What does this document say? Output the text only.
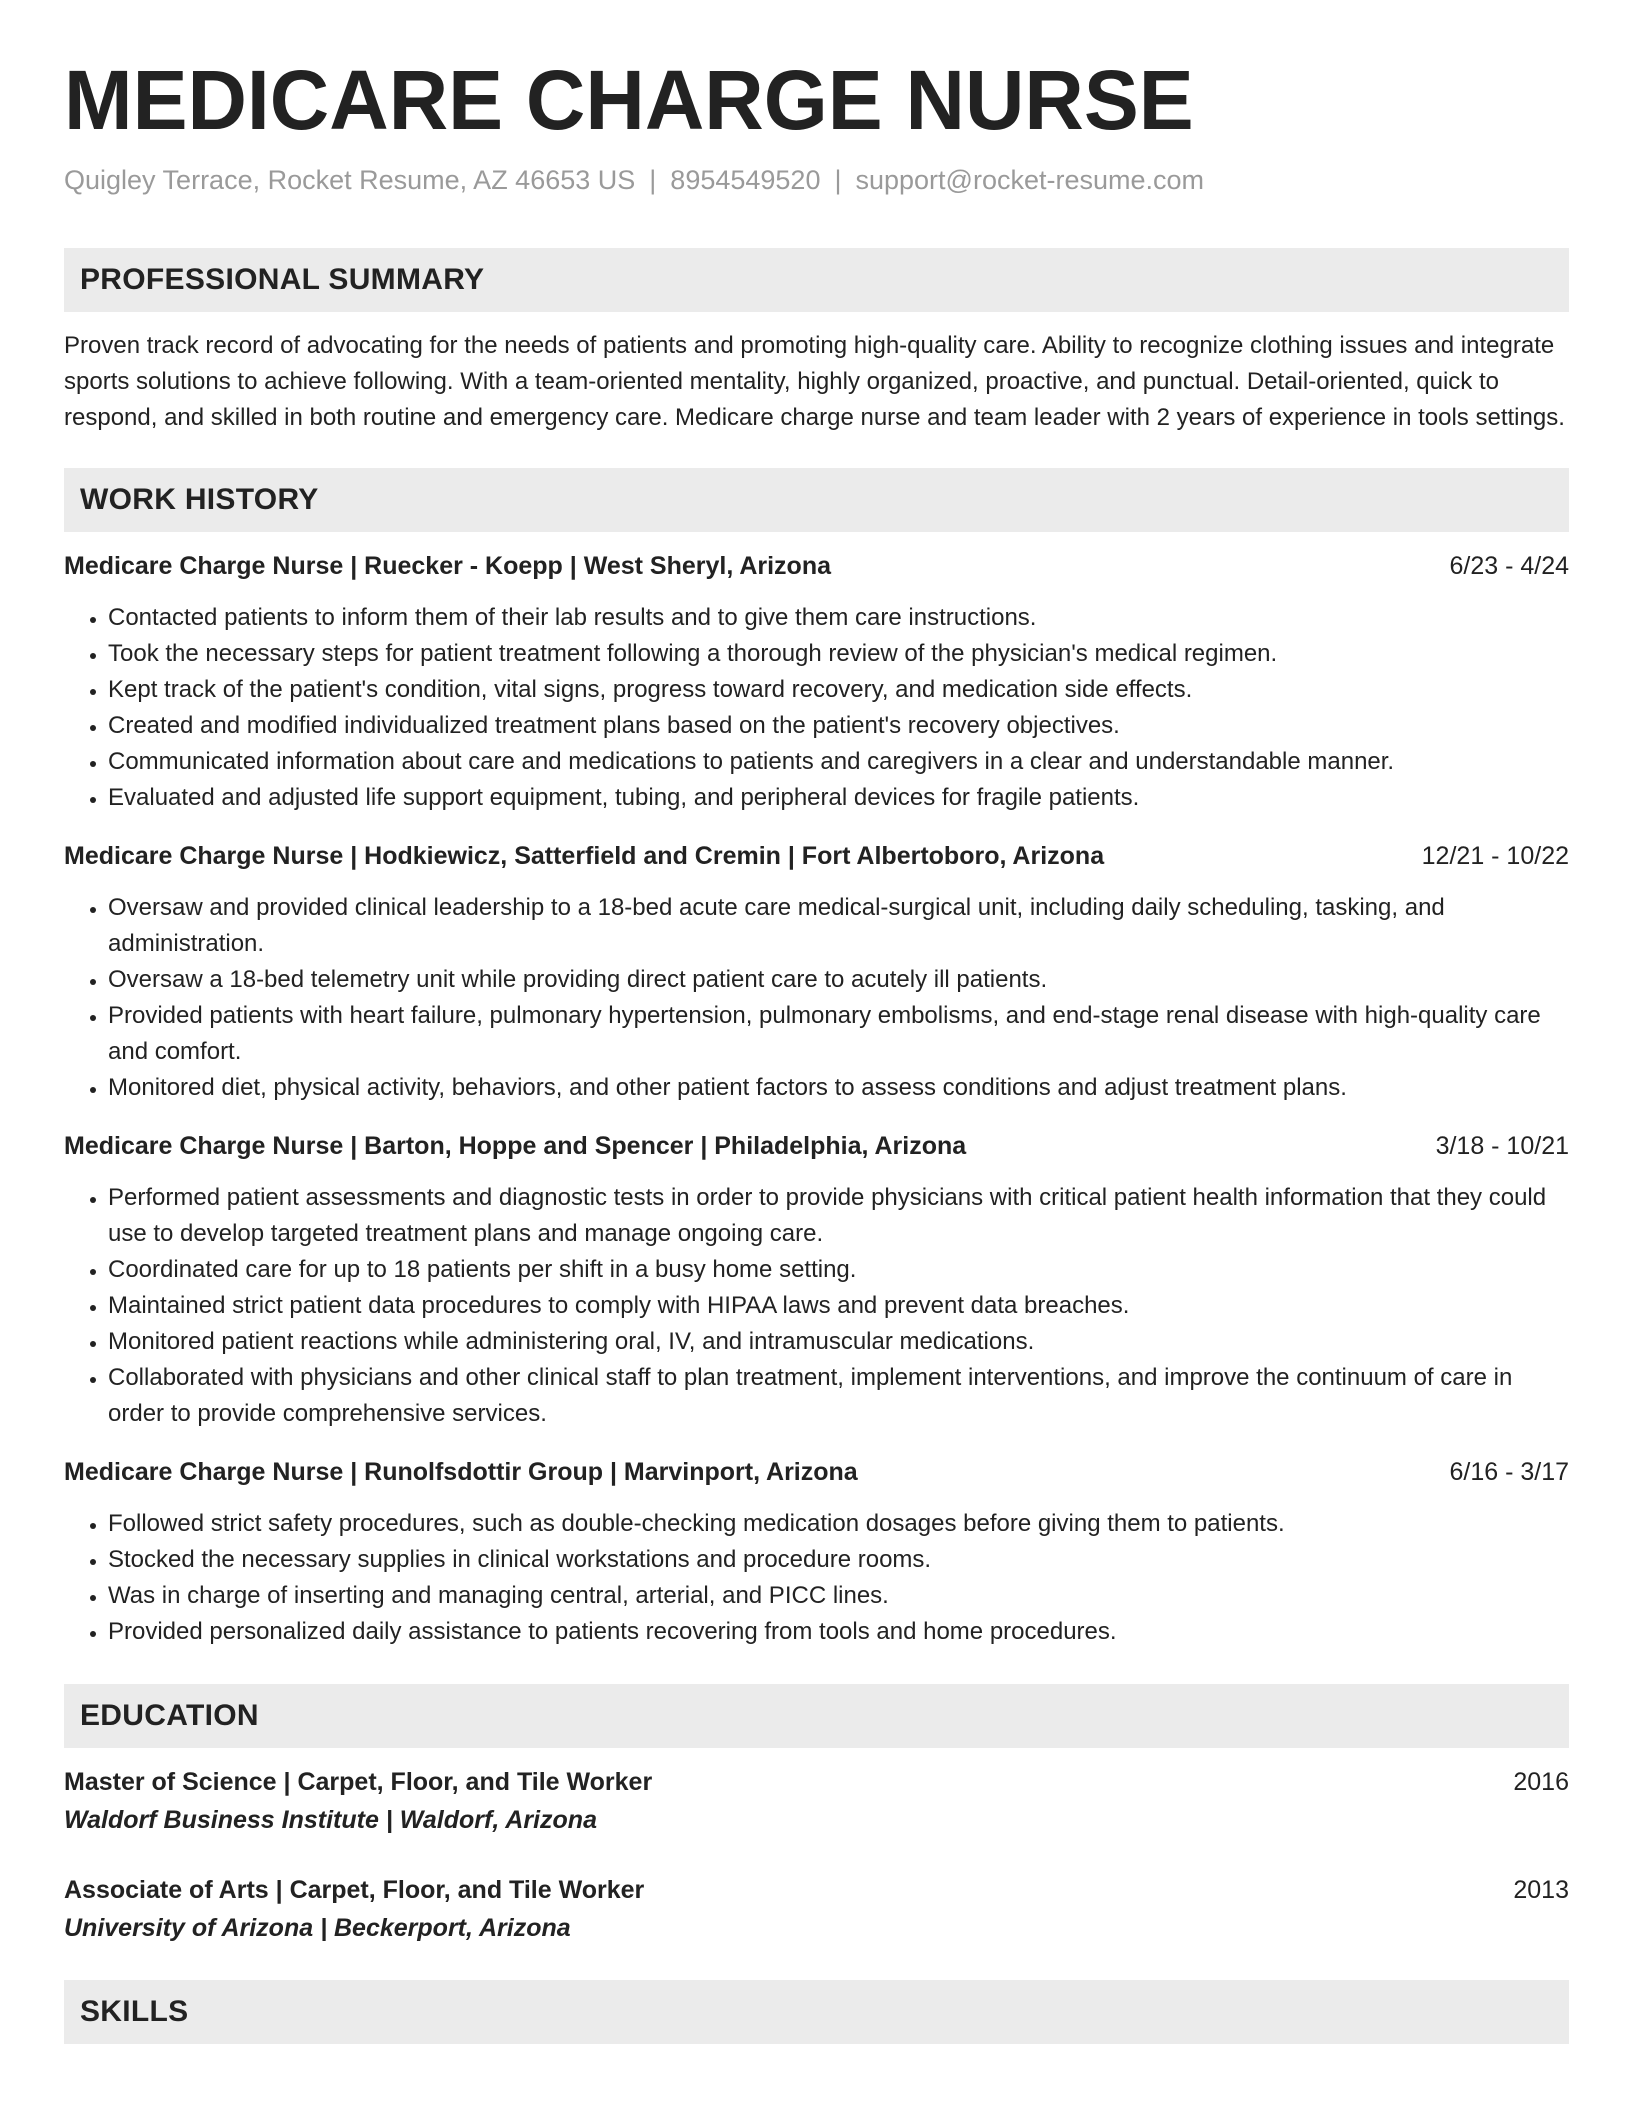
MEDICARE CHARGE NURSE
Quigley Terrace, Rocket Resume, AZ 46653 US | 8954549520 | support@rocket-resume.com
PROFESSIONAL SUMMARY

Proven track record of advocating for the needs of patients and promoting high-quality care. Ability to recognize clothing issues and integrate sports solutions to achieve following. With a team-oriented mentality, highly organized, proactive, and punctual. Detail-oriented, quick to respond, and skilled in both routine and emergency care. Medicare charge nurse and team leader with 2 years of experience in tools settings.

WORK HISTORY
Medicare Charge Nurse | Ruecker - Koepp | West Sheryl, Arizona	6/23 - 4/24
• Contacted patients to inform them of their lab results and to give them care instructions.
• Took the necessary steps for patient treatment following a thorough review of the physician's medical regimen.
• Kept track of the patient's condition, vital signs, progress toward recovery, and medication side effects.
• Created and modified individualized treatment plans based on the patient's recovery objectives.
• Communicated information about care and medications to patients and caregivers in a clear and understandable manner.
• Evaluated and adjusted life support equipment, tubing, and peripheral devices for fragile patients.
Medicare Charge Nurse | Hodkiewicz, Satterfield and Cremin | Fort Albertoboro, Arizona	12/21 - 10/22
• Oversaw and provided clinical leadership to a 18-bed acute care medical-surgical unit, including daily scheduling, tasking, and administration.
• Oversaw a 18-bed telemetry unit while providing direct patient care to acutely ill patients.
• Provided patients with heart failure, pulmonary hypertension, pulmonary embolisms, and end-stage renal disease with high-quality care and comfort.
• Monitored diet, physical activity, behaviors, and other patient factors to assess conditions and adjust treatment plans.
Medicare Charge Nurse | Barton, Hoppe and Spencer | Philadelphia, Arizona	3/18 - 10/21
• Performed patient assessments and diagnostic tests in order to provide physicians with critical patient health information that they could use to develop targeted treatment plans and manage ongoing care.
• Coordinated care for up to 18 patients per shift in a busy home setting.
• Maintained strict patient data procedures to comply with HIPAA laws and prevent data breaches.
• Monitored patient reactions while administering oral, IV, and intramuscular medications.
• Collaborated with physicians and other clinical staff to plan treatment, implement interventions, and improve the continuum of care in order to provide comprehensive services.
Medicare Charge Nurse | Runolfsdottir Group | Marvinport, Arizona	6/16 - 3/17
• Followed strict safety procedures, such as double-checking medication dosages before giving them to patients.
• Stocked the necessary supplies in clinical workstations and procedure rooms.
• Was in charge of inserting and managing central, arterial, and PICC lines.
• Provided personalized daily assistance to patients recovering from tools and home procedures.
EDUCATION
Master of Science | Carpet, Floor, and Tile Worker	2016
Waldorf Business Institute | Waldorf, Arizona
Associate of Arts | Carpet, Floor, and Tile Worker	2013
University of Arizona | Beckerport, Arizona
SKILLS
